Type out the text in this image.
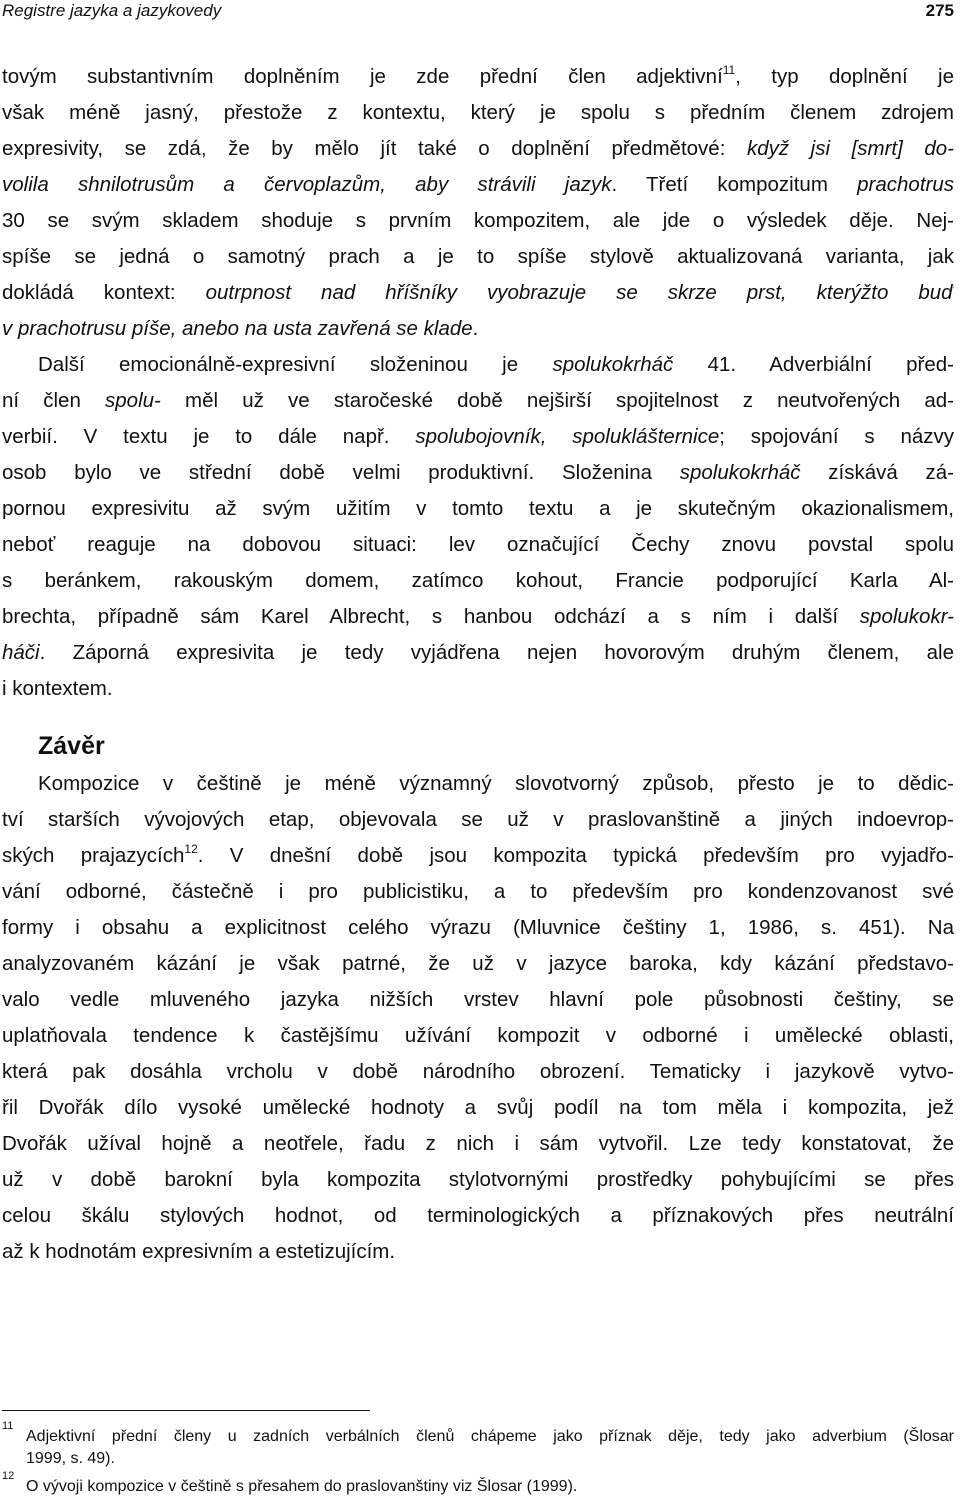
Registre jazyka a jazykovedy	275
tovým substantivním doplněním je zde přední člen adjektivní$^{11}$, typ doplnění je
však méně jasný, přestože z kontextu, který je spolu s předním členem zdrojem
expresivity, se zdá, že by mělo jít také o doplnění předmětové: když jsi [smrt] do-
volila shnilotrusům a červoplazům, aby strávili jazyk. Třetí kompozitum prachotrus
30 se svým skladem shoduje s prvním kompozitem, ale jde o výsledek děje. Nej-
spíše se jedná o samotný prach a je to spíše stylově aktualizovaná varianta, jak
dokládá kontext: outrpnost nad hříšníky vyobrazuje se skrze prst, kterýžto buď
v prachotrusu píše, anebo na usta zavřená se klade.
Další emocionálně-expresivní složeninou je spolukokrháč 41. Adverbiální před-
ní člen spolu- měl už ve staročeské době nejširší spojitelnost z neutvořených ad-
verbií. V textu je to dále např. spolubojovník, spoluklášternice; spojování s názvy
osob bylo ve střední době velmi produktivní. Složenina spolukokrháč získává zá-
pornou expresivitu až svým užitím v tomto textu a je skutečným okazionalismem,
neboť reaguje na dobovou situaci: lev označující Čechy znovu povstal spolu
s beránkem, rakouským domem, zatímco kohout, Francie podporující Karla Al-
brechta, případně sám Karel Albrecht, s hanbou odchází a s ním i další spolukokr-
háči. Záporná expresivita je tedy vyjádřena nejen hovorovým druhým členem, ale
i kontextem.
Závěr
Kompozice v češtině je méně významný slovotvorný způsob, přesto je to dědic-
tví starších vývojových etap, objevovala se už v praslovanštině a jiných indoevrop-
ských prajazycích$^{12}$. V dnešní době jsou kompozita typická především pro vyjadřo-
vání odborné, částečně i pro publicistiku, a to především pro kondenzovanost své
formy i obsahu a explicitnost celého výrazu (Mluvnice češtiny 1, 1986, s. 451). Na
analyzovaném kázání je však patrné, že už v jazyce baroka, kdy kázání představo-
valo vedle mluveného jazyka nižších vrstev hlavní pole působnosti češtiny, se
uplatňovala tendence k častějšímu užívání kompozit v odborné i umělecké oblasti,
která pak dosáhla vrcholu v době národního obrození. Tematicky i jazykově vytvo-
řil Dvořák dílo vysoké umělecké hodnoty a svůj podíl na tom měla i kompozita, jež
Dvořák užíval hojně a neotřele, řadu z nich i sám vytvořil. Lze tedy konstatovat, že
už v době barokní byla kompozita stylotvornými prostředky pohybujícími se přes
celou škálu stylových hodnot, od terminologických a příznakových přes neutrální
až k hodnotám expresivním a estetizujícím.
11
Adjektivní přední členy u zadních verbálních členů chápeme jako příznak děje, tedy jako adverbium (Šlosar
1999, s. 49).
12
O vývoji kompozice v češtině s přesahem do praslovanštiny viz Šlosar (1999).
